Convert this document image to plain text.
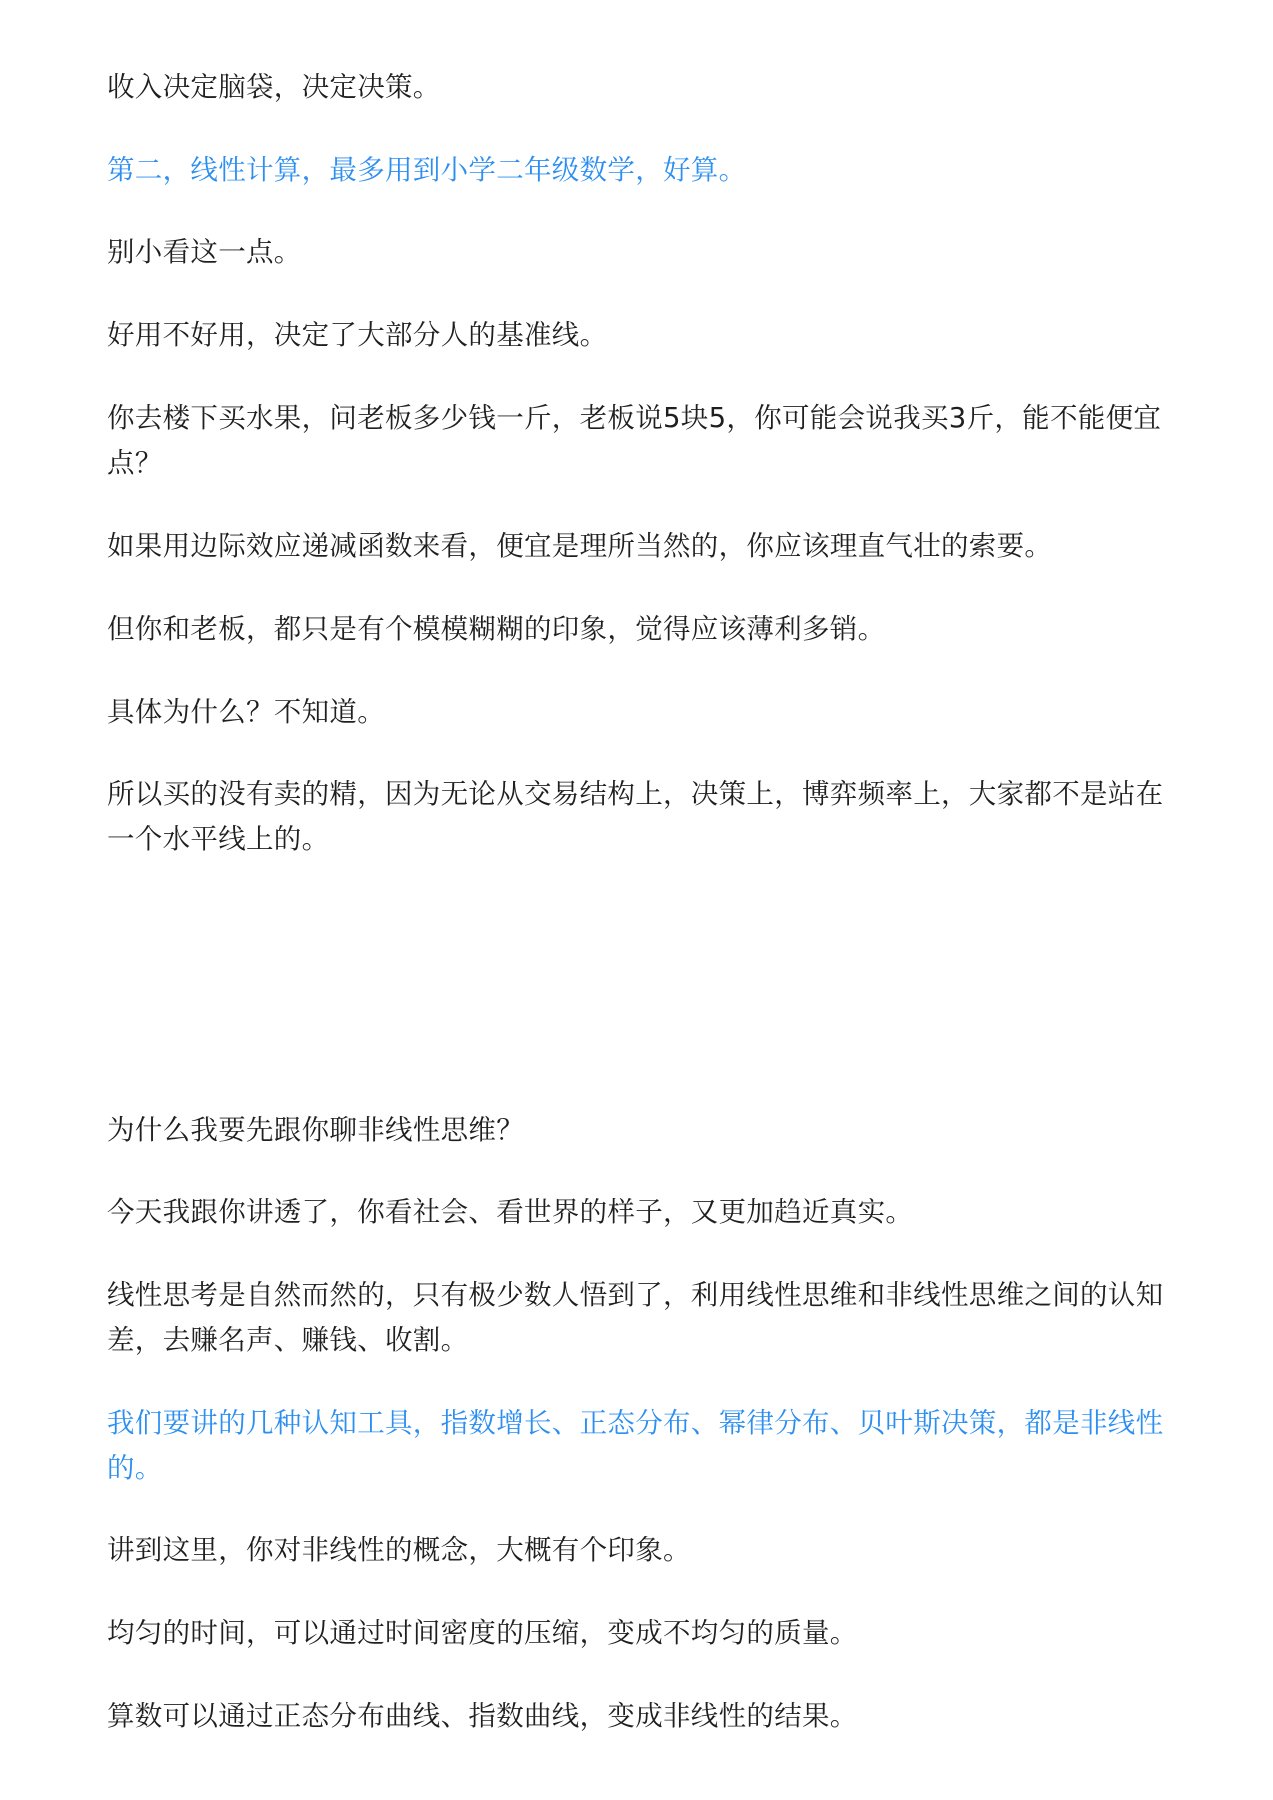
收入决定脑袋，决定决策。

第二，线性计算，最多用到小学二年级数学，好算。

别小看这一点。

好用不好用，决定了大部分人的基准线。

你去楼下买水果，问老板多少钱一斤，老板说5块5，你可能会说我买3斤，能不能便宜点？

如果用边际效应递减函数来看，便宜是理所当然的，你应该理直气壮的索要。

但你和老板，都只是有个模模糊糊的印象，觉得应该薄利多销。

具体为什么？不知道。

所以买的没有卖的精，因为无论从交易结构上，决策上，博弈频率上，大家都不是站在一个水平线上的。

为什么我要先跟你聊非线性思维？

今天我跟你讲透了，你看社会、看世界的样子，又更加趋近真实。

线性思考是自然而然的，只有极少数人悟到了，利用线性思维和非线性思维之间的认知差，去赚名声、赚钱、收割。

我们要讲的几种认知工具，指数增长、正态分布、幂律分布、贝叶斯决策，都是非线性的。

讲到这里，你对非线性的概念，大概有个印象。

均匀的时间，可以通过时间密度的压缩，变成不均匀的质量。

算数可以通过正态分布曲线、指数曲线，变成非线性的结果。
